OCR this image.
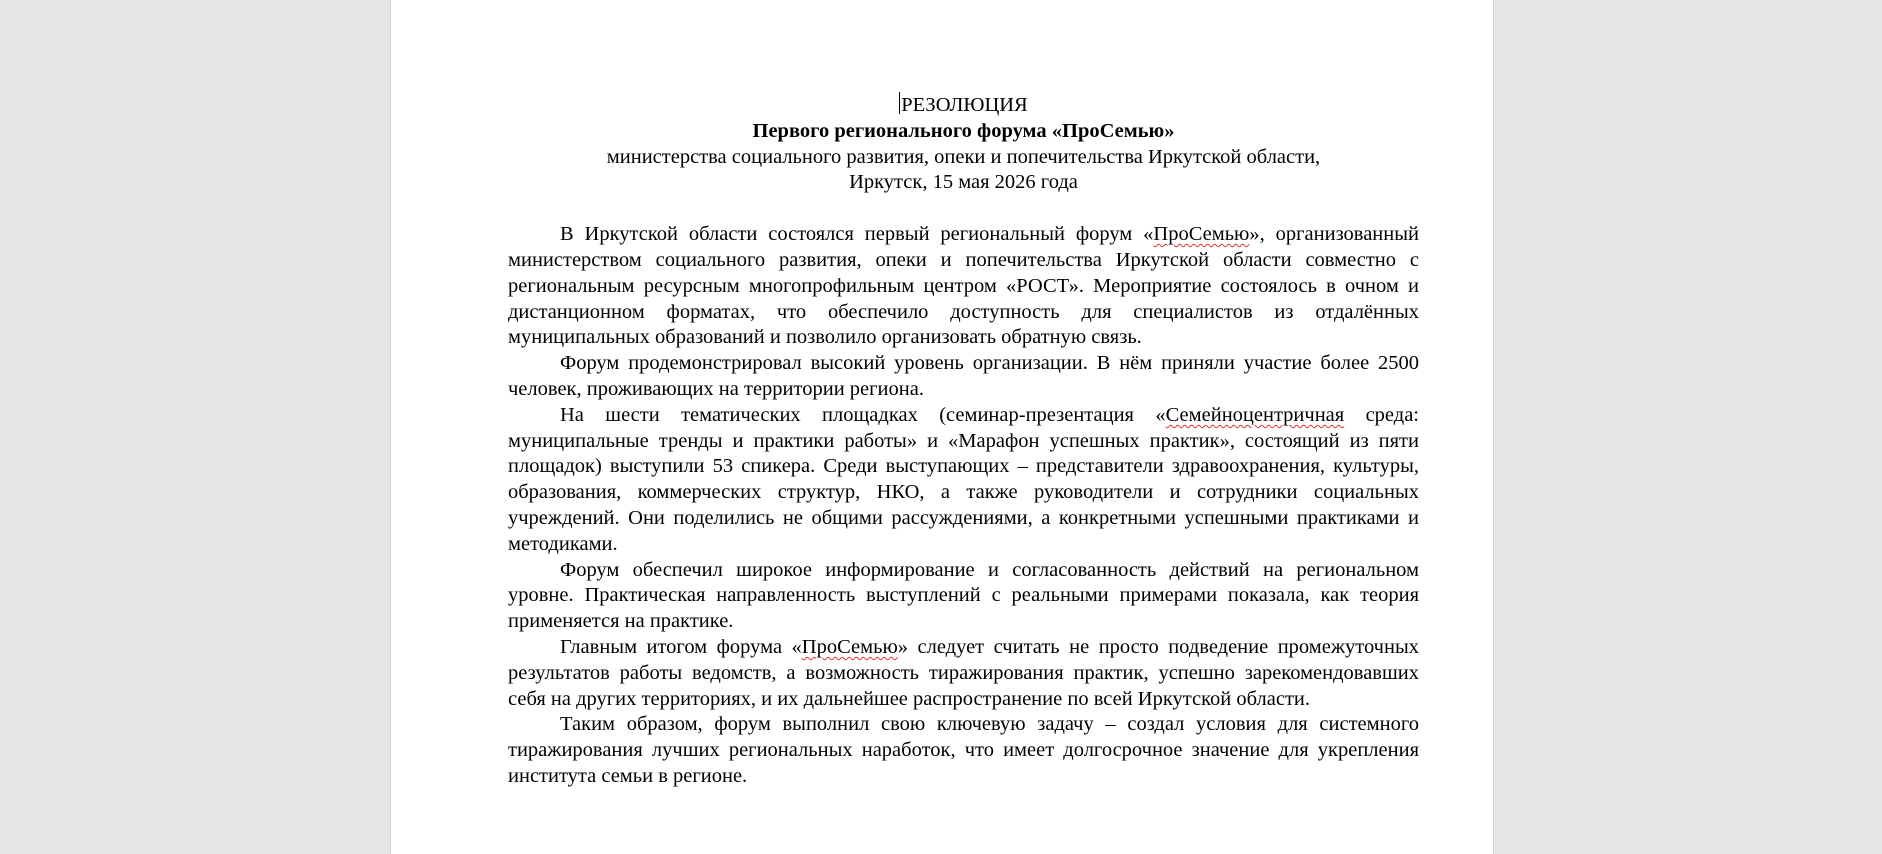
РЕЗОЛЮЦИЯ

Первого регионального форума «ПроСемью»

министерства социального развития, опеки и попечительства Иркутской области,

Иркутск, 15 мая 2026 года

В Иркутской области состоялся первый региональный форум «ПроСемью», организованный министерством социального развития, опеки и попечительства Иркутской области совместно с региональным ресурсным многопрофильным центром «РОСТ». Мероприятие состоялось в очном и дистанционном форматах, что обеспечило доступность для специалистов из отдалённых муниципальных образований и позволило организовать обратную связь.

Форум продемонстрировал высокий уровень организации. В нём приняли участие более 2500 человек, проживающих на территории региона.

На шести тематических площадках (семинар-презентация «Семейноцентричная среда: муниципальные тренды и практики работы» и «Марафон успешных практик», состоящий из пяти площадок) выступили 53 спикера. Среди выступающих – представители здравоохранения, культуры, образования, коммерческих структур, НКО, а также руководители и сотрудники социальных учреждений. Они поделились не общими рассуждениями, а конкретными успешными практиками и методиками.

Форум обеспечил широкое информирование и согласованность действий на региональном уровне. Практическая направленность выступлений с реальными примерами показала, как теория применяется на практике.

Главным итогом форума «ПроСемью» следует считать не просто подведение промежуточных результатов работы ведомств, а возможность тиражирования практик, успешно зарекомендовавших себя на других территориях, и их дальнейшее распространение по всей Иркутской области.

Таким образом, форум выполнил свою ключевую задачу – создал условия для системного тиражирования лучших региональных наработок, что имеет долгосрочное значение для укрепления института семьи в регионе.
